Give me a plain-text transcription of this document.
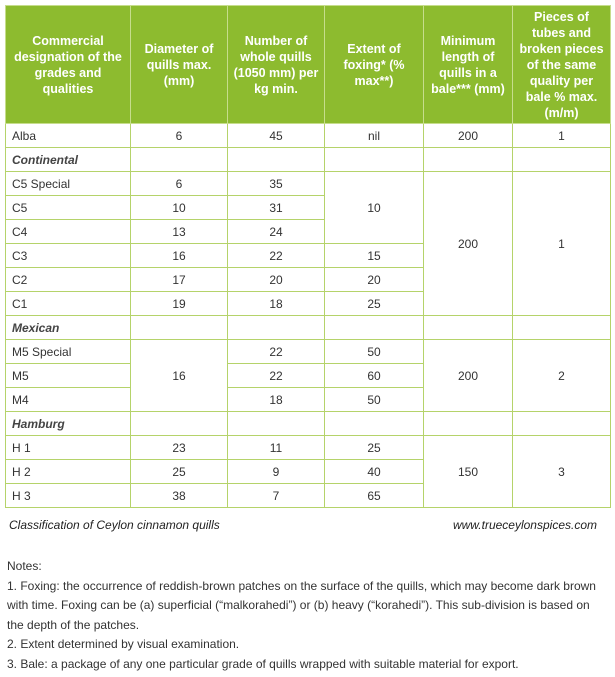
Commercial designation of the grades and qualities	Diameter of quills max. (mm)	Number of whole quills (1050 mm) per kg min.	Extent of foxing* (% max**)	Minimum length of quills in a bale*** (mm)	Pieces of tubes and broken pieces of the same quality per bale % max. (m/m)
Alba	6	45	nil	200	1
Continental					
C5 Special	6	35	10	200	1
C5	10	31			
C4	13	24			
C3	16	22	15		
C2	17	20	20		
C1	19	18	25		
Mexican					
M5 Special	16	22	50	200	2
M5		22	60		
M4		18	50		
Hamburg					
H 1	23	11	25	150	3
H 2	25	9	40		
H 3	38	7	65		
Classification of Ceylon cinnamon quills	www.trueceylonspices.com

Notes:

1. Foxing: the occurrence of reddish-brown patches on the surface of the quills, which may become dark brown with time. Foxing can be (a) superficial (“malkorahedi”) or (b) heavy (“korahedi”). This sub-division is based on the depth of the patches.

2. Extent determined by visual examination.

3. Bale: a package of any one particular grade of quills wrapped with suitable material for export.
